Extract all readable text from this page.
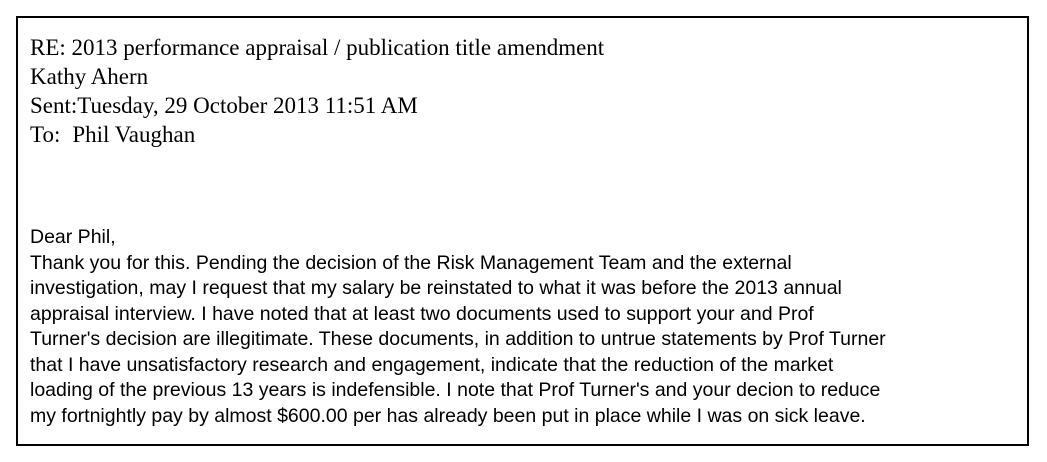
RE: 2013 performance appraisal / publication title amendment
Kathy Ahern
Sent:Tuesday, 29 October 2013 11:51 AM
To: Phil Vaughan
Dear Phil,
Thank you for this. Pending the decision of the Risk Management Team and the external
investigation, may I request that my salary be reinstated to what it was before the 2013 annual
appraisal interview. I have noted that at least two documents used to support your and Prof
Turner's decision are illegitimate. These documents, in addition to untrue statements by Prof Turner
that I have unsatisfactory research and engagement, indicate that the reduction of the market
loading of the previous 13 years is indefensible. I note that Prof Turner's and your decion to reduce
my fortnightly pay by almost $600.00 per has already been put in place while I was on sick leave.
